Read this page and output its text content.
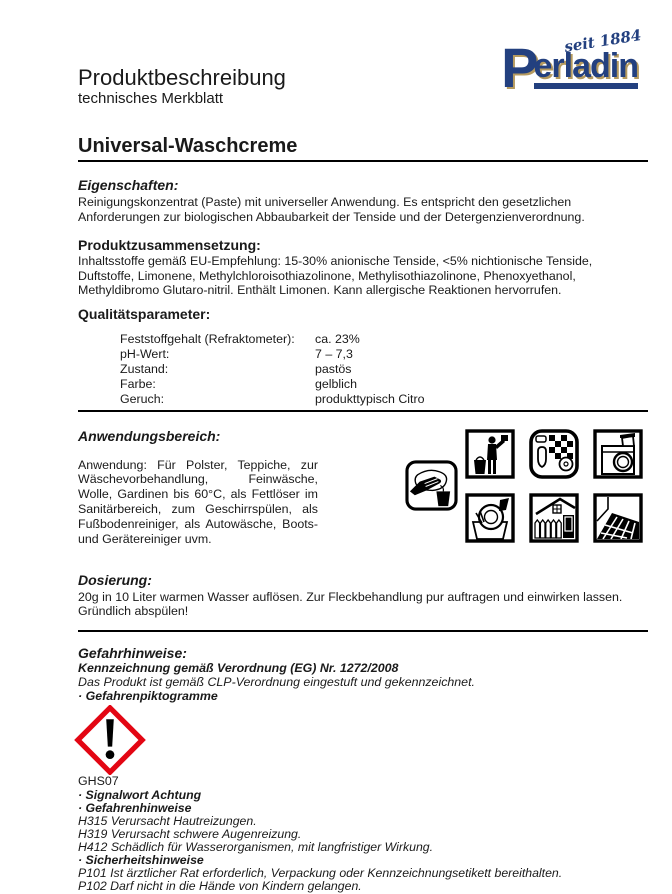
Produktbeschreibung

technisches Merkblatt

Universal-Waschcreme

Eigenschaften:

Reinigungskonzentrat (Paste) mit universeller Anwendung. Es entspricht den gesetzlichen Anforderungen zur biologischen Abbaubarkeit der Tenside und der Detergenzienverordnung.

Produktzusammensetzung:

Inhaltsstoffe gemäß EU-Empfehlung: 15-30% anionische Tenside, <5% nichtionische Tenside, Duftstoffe, Limonene, Methylchloroisothiazolinone, Methylisothiazolinone, Phenoxyethanol, Methyldibromo Glutaro-nitril. Enthält Limonen. Kann allergische Reaktionen hervorrufen.

Qualitätsparameter:

Feststoffgehalt (Refraktometer): ca. 23%
pH-Wert:	7 – 7,3
Zustand:	pastös
Farbe:	gelblich
Geruch:	produkttypisch Citro

Anwendungsbereich:

Anwendung: Für Polster, Teppiche, zur Wäschevorbehandlung, Feinwäsche, Wolle, Gardinen bis 60°C, als Fettlöser im Sanitärbereich, zum Geschirrspülen, als Fußbodenreiniger, als Autowäsche, Boots- und Gerätereiniger uvm.

Dosierung:

20g in 10 Liter warmen Wasser auflösen. Zur Fleckbehandlung pur auftragen und einwirken lassen. Gründlich abspülen!

Gefahrhinweise:

Kennzeichnung gemäß Verordnung (EG) Nr. 1272/2008

Das Produkt ist gemäß CLP-Verordnung eingestuft und gekennzeichnet.

· Gefahrenpiktogramme

GHS07

· Signalwort Achtung

· Gefahrenhinweise

H315 Verursacht Hautreizungen.

H319 Verursacht schwere Augenreizung.

H412 Schädlich für Wasserorganismen, mit langfristiger Wirkung.

· Sicherheitshinweise

P101 Ist ärztlicher Rat erforderlich, Verpackung oder Kennzeichnungsetikett bereithalten.

P102 Darf nicht in die Hände von Kindern gelangen.

seit 1884
Perladin
